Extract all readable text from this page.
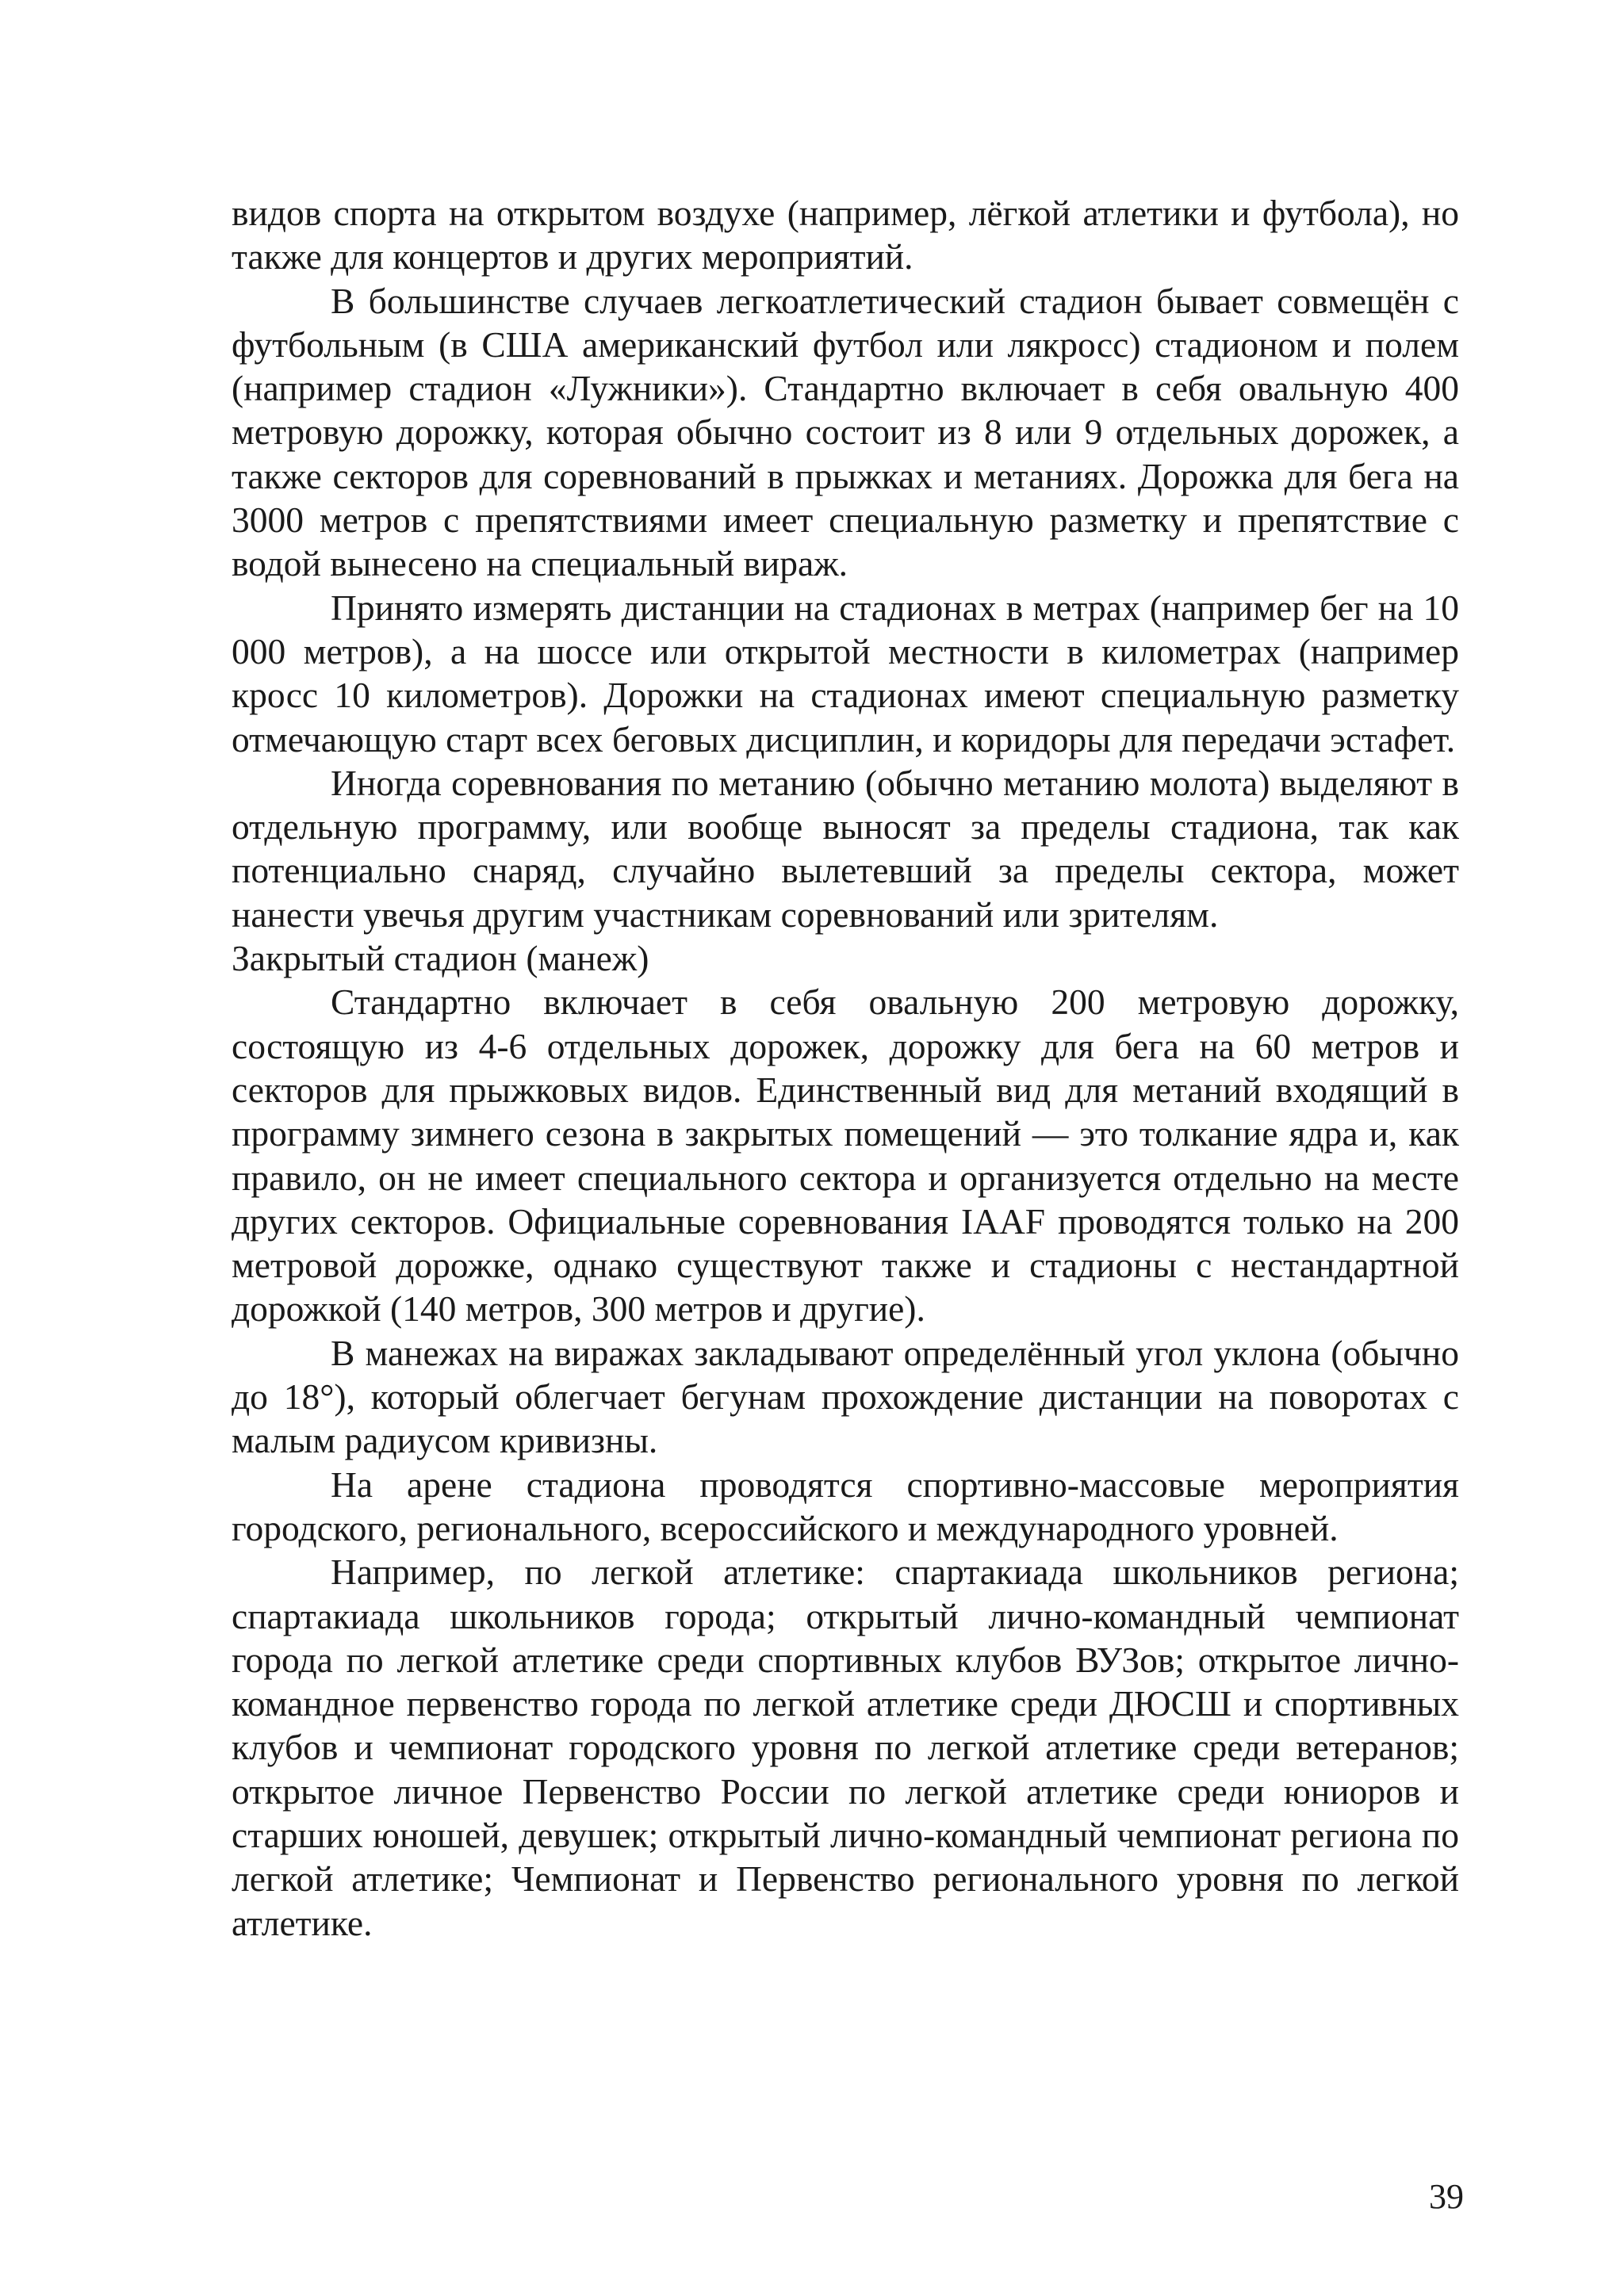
видов спорта на открытом воздухе (например, лёгкой атлетики и футбола), но также для концертов и других мероприятий.

В большинстве случаев легкоатлетический стадион бывает совмещён с футбольным (в США американский футбол или лякросс) стадионом и полем (например стадион «Лужники»). Стандартно включает в себя овальную 400 метровую дорожку, которая обычно состоит из 8 или 9 отдельных дорожек, а также секторов для соревнований в прыжках и метаниях. Дорожка для бега на 3000 метров с препятствиями имеет специальную разметку и препятствие с водой вынесено на специальный вираж.

Принято измерять дистанции на стадионах в метрах (например бег на 10 000 метров), а на шоссе или открытой местности в километрах (например кросс 10 километров). Дорожки на стадионах имеют специальную разметку отмечающую старт всех беговых дисциплин, и коридоры для передачи эстафет.

Иногда соревнования по метанию (обычно метанию молота) выделяют в отдельную программу, или вообще выносят за пределы стадиона, так как потенциально снаряд, случайно вылетевший за пределы сектора, может нанести увечья другим участникам соревнований или зрителям.

Закрытый стадион (манеж)

Стандартно включает в себя овальную 200 метровую дорожку, состоящую из 4-6 отдельных дорожек, дорожку для бега на 60 метров и секторов для прыжковых видов. Единственный вид для метаний входящий в программу зимнего сезона в закрытых помещений — это толкание ядра и, как правило, он не имеет специального сектора и организуется отдельно на месте других секторов. Официальные соревнования IAAF проводятся только на 200 метровой дорожке, однако существуют также и стадионы с нестандартной дорожкой (140 метров, 300 метров и другие).

В манежах на виражах закладывают определённый угол уклона (обычно до 18°), который облегчает бегунам прохождение дистанции на поворотах с малым радиусом кривизны.

На арене стадиона проводятся спортивно-массовые мероприятия городского, регионального, всероссийского и международного уровней.

Например, по легкой атлетике: спартакиада школьников региона; спартакиада школьников города; открытый лично-командный чемпионат города по легкой атлетике среди спортивных клубов ВУЗов; открытое лично-командное первенство города по легкой атлетике среди ДЮСШ и спортивных клубов и чемпионат городского уровня по легкой атлетике среди ветеранов; открытое личное Первенство России по легкой атлетике среди юниоров и старших юношей, девушек; открытый лично-командный чемпионат региона по легкой атлетике; Чемпионат и Первенство регионального уровня по легкой атлетике.

39
